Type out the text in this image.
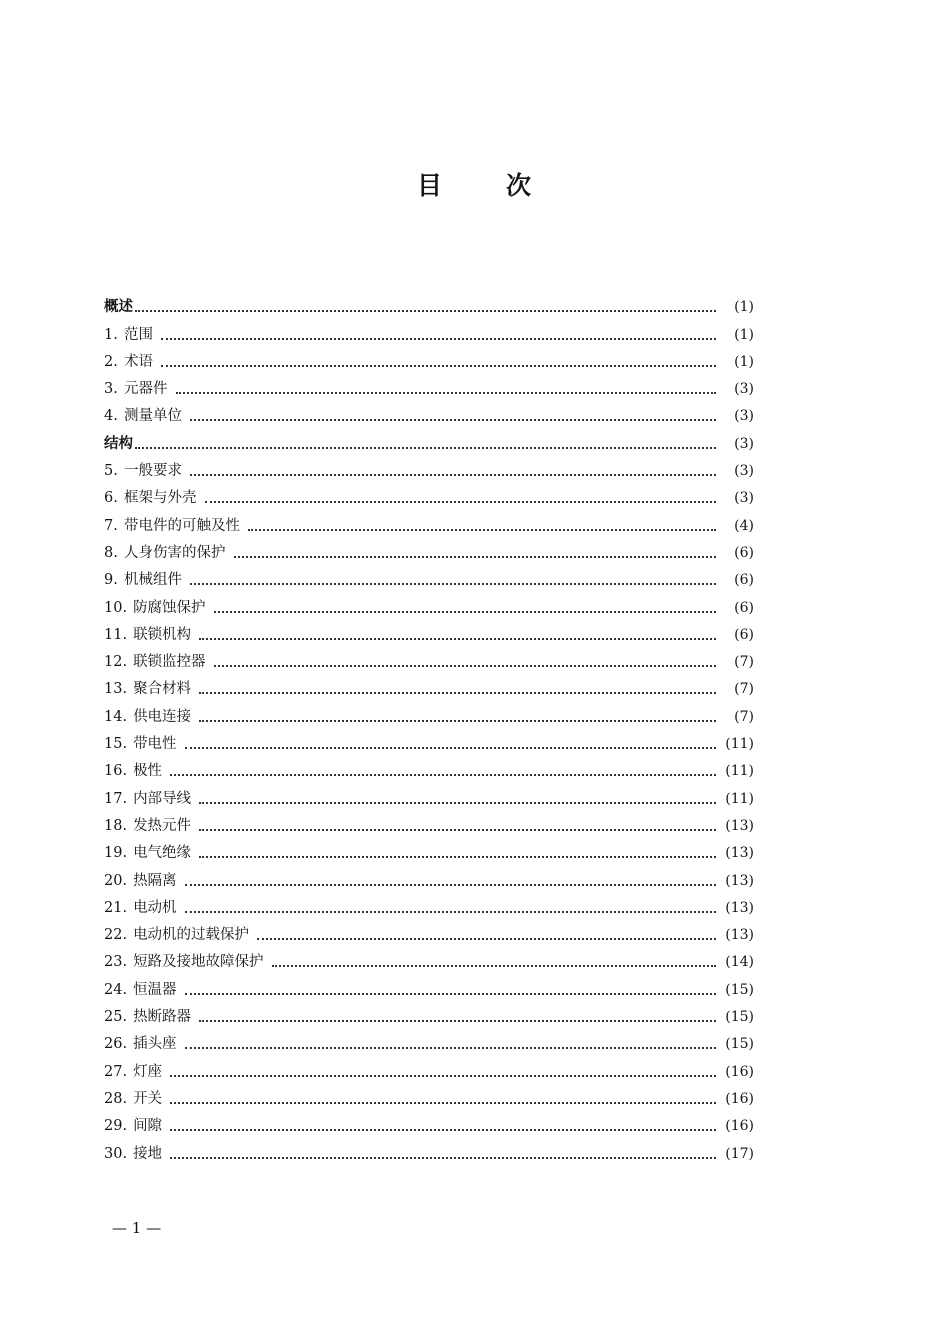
目 次
概述	(1)
1. 范围	(1)
2. 术语	(1)
3. 元器件	(3)
4. 测量单位	(3)
结构	(3)
5. 一般要求	(3)
6. 框架与外壳	(3)
7. 带电件的可触及性	(4)
8. 人身伤害的保护	(6)
9. 机械组件	(6)
10. 防腐蚀保护	(6)
11. 联锁机构	(6)
12. 联锁监控器	(7)
13. 聚合材料	(7)
14. 供电连接	(7)
15. 带电性	(11)
16. 极性	(11)
17. 内部导线	(11)
18. 发热元件	(13)
19. 电气绝缘	(13)
20. 热隔离	(13)
21. 电动机	(13)
22. 电动机的过载保护	(13)
23. 短路及接地故障保护	(14)
24. 恒温器	(15)
25. 热断路器	(15)
26. 插头座	(15)
27. 灯座	(16)
28. 开关	(16)
29. 间隙	(16)
30. 接地	(17)
— 1 —
